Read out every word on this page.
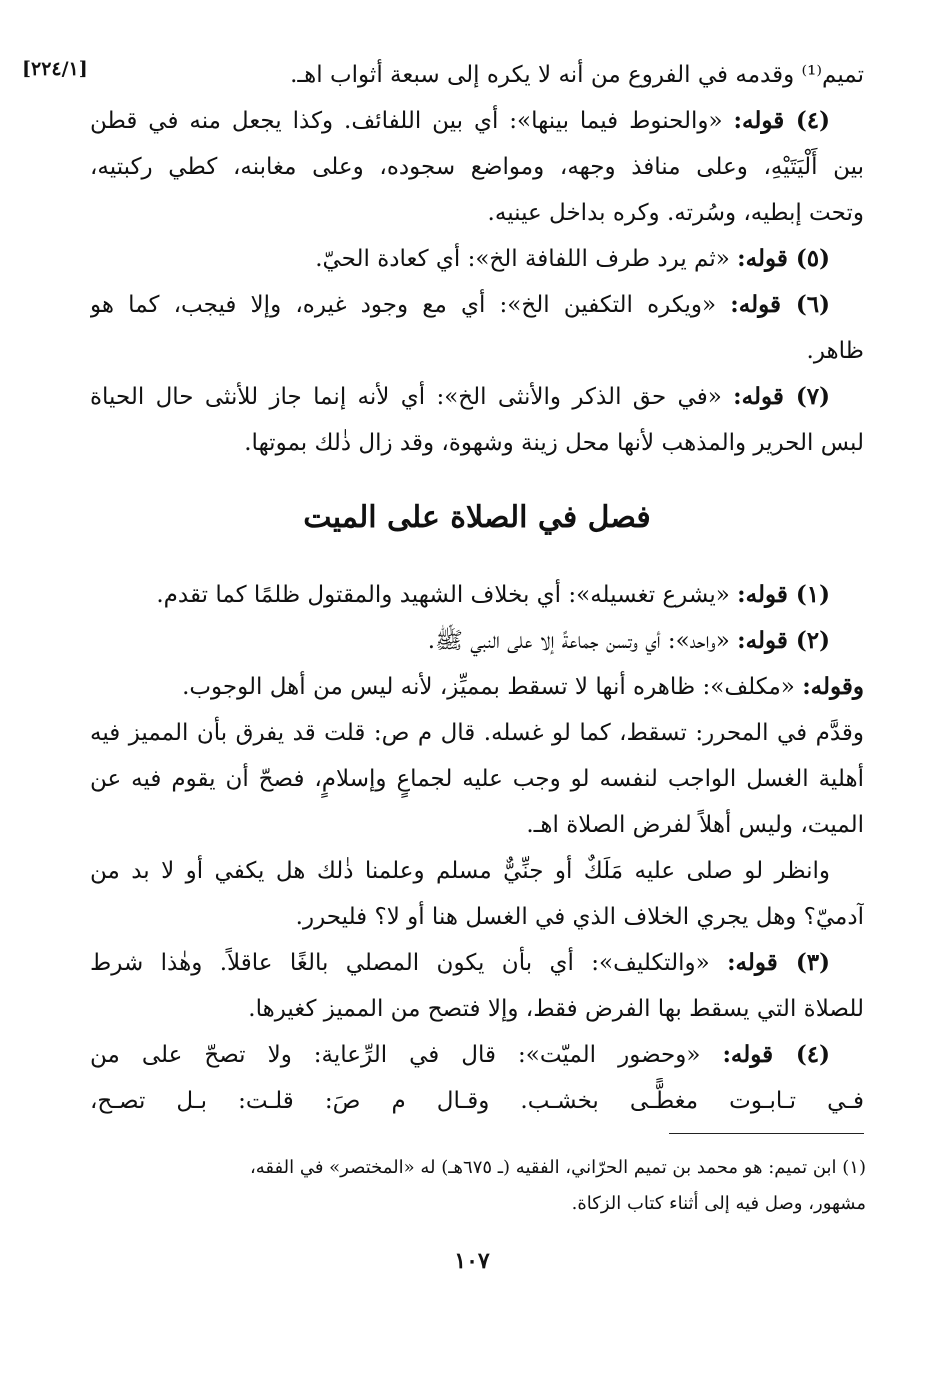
[٢٢٤/١]	تميم⁽¹⁾ وقدمه في الفروع من أنه لا يكره إلى سبعة أثواب اهـ.
(٤) قوله: «والحنوط فيما بينها»: أي بين اللفائف. وكذا يجعل منه في قطن
بين أَلْيَتَيْهِ، وعلى منافذ وجهه، ومواضع سجوده، وعلى مغابنه، كطي ركبتيه،
وتحت إبطيه، وسُرته. وكره بداخل عينيه.
(٥) قوله: «ثم يرد طرف اللفافة الخ»: أي كعادة الحيّ.
(٦) قوله: «ويكره التكفين الخ»: أي مع وجود غيره، وإلا فيجب، كما هو
ظاهر.
(٧) قوله: «في حق الذكر والأنثى الخ»: أي لأنه إنما جاز للأنثى حال الحياة
لبس الحرير والمذهب لأنها محل زينة وشهوة، وقد زال ذٰلك بموتها.
فصل في الصلاة على الميت
(١) قوله: «يشرع تغسيله»: أي بخلاف الشهيد والمقتول ظلمًا كما تقدم.
(٢) قوله: «واحد»: أي وتسن جماعةً إلا على النبي ﷺ.
وقوله: «مكلف»: ظاهره أنها لا تسقط بمميِّز، لأنه ليس من أهل الوجوب.
وقدَّم في المحرر: تسقط، كما لو غسله. قال م ص: قلت قد يفرق بأن المميز فيه
أهلية الغسل الواجب لنفسه لو وجب عليه لجماعٍ وإسلامٍ، فصحّ أن يقوم فيه عن
الميت، وليس أهلاً لفرض الصلاة اهـ.
وانظر لو صلى عليه مَلَكٌ أو جنِّيٌّ مسلم وعلمنا ذٰلك هل يكفي أو لا بد من
آدميّ؟ وهل يجري الخلاف الذي في الغسل هنا أو لا؟ فليحرر.
(٣) قوله: «والتكليف»: أي بأن يكون المصلي بالغًا عاقلاً. وهٰذا شرط
للصلاة التي يسقط بها الفرض فقط، وإلا فتصح من المميز كغيرها.
(٤) قوله: «وحضور الميّت»: قال في الرِّعاية: ولا تصحّ على من
فـي تـابـوت مغطًّـى بخشـب. وقـال م صَ: قلـت: بـل تصـح،
(١) ابن تميم: هو محمد بن تميم الحرّاني، الفقيه (ـ ٦٧٥هـ) له «المختصر» في الفقه،
مشهور، وصل فيه إلى أثناء كتاب الزكاة.
١٠٧
